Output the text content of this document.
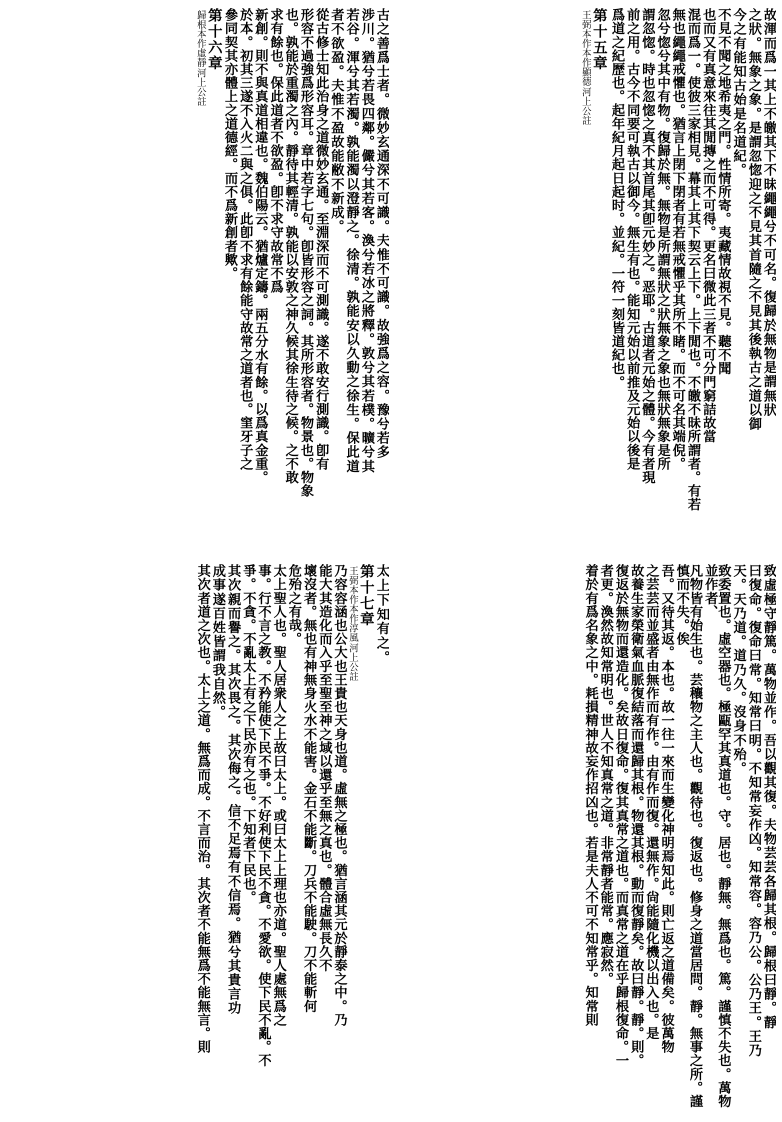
古之善爲士者。微妙玄通深不可識。夫惟不可識。故強爲之容。豫兮若多
涉川。猶兮若畏四鄰。儼兮其若客。渙兮若冰之將釋。敦兮其若樸。曠兮其
若谷。渾兮其若濁。孰能濁以澄靜之。徐清。孰能安以久動之徐生。保此道
者不欲盈。夫惟不盈故能敝不新成。
從古修士知此治身之道微妙玄通。至淵深而不可測識。遂不敢安行測識。卽有
形容不過強爲形容耳。章中若字七句。卽皆形容之詞。其所形容者。物景也。物象
也。孰能於重濁之內。靜待其輕清。孰能以安敦之神久候其徐生待之候。之不敢
求有餘也。保此道者不欲盈。卽不求守故常不爲
新創。則不與真道相違也。魏伯陽云。猶爐定鑄。兩五分水有餘。以爲真金重。
於本。初其三遂不入火二與之俱。此卽不求有餘能守故常之道者也。窐牙子之
參同契其亦體上之道德經。而不爲新創者歟。
第十六章
河上公註
本作虛靜
歸根	故渾而爲一其上不皦其下不昧繩繩兮不可名。復歸於無物是謂無狀
之狀。無象之象。是謂忽惚迎之不見其首隨之不見其後執古之道以御
今之有能知古始是名道紀。
不見不聞之地希夷之門。性情所寄。夷藏情故視不見。聽不聞
也而又有真意來往其閒摶之而不可得。更名曰微此三者不可分門窮詰故當
混而爲一。使彼三家相見。幕其上其下契云上下。上下閒也。不皦不昧所謂者。有若
無也繩繩戒懼也。猶言上閉下閉者有若無戒懼乎其所不睹。而不可名其端倪。
忽兮惚兮其中有物。復歸於無。無物是所謂無狀之狀無象之象也無狀無象是所
謂忽惚。時也忽惚之真不其首尾其卽元妙之。恶耶。古道者元始之體。今有者現
前之用。古今不同要可執古以御今。無生有也。能知元始以前推及元始以後是
爲道之紀歷也。起年紀月起日起时。並紀。一符一刻皆道紀也。
第十五章
河上公註
本作顯德
王弼本作
太上下知有之。
第十七章
河上公註
本作淳風
王弼本作
乃容容涵也公大也王貴也天身也道。虛無之極也。猶言涵其元於靜泰之中。乃
能大其造化而入乎至聖至神之域以還乎至無之真也。體合虛無長久不
壞沒者。無也有神無身火水不能害。金石不能斷。刀兵不能駛。刀不能斬何
危殆之有哉。
太上聖人也。聖人居衆人之上故曰太上。或曰太上上理也亦道。聖人處無爲之
事。行不言之教。不矜能使下民不爭。不好利使下民不貪。不愛欲。使下民不亂。不
爭。不貪。不亂太上有之下民亦有之也。下知者下民也。
其次親而譽之。其次畏之。其次侮之。信不足焉有不信焉。猶兮其貴言功
成事遂百姓皆謂我自然。
其次者道之次也。太上之道。無爲而成。不言而治。其次者不能無爲不能無言。則	致虛極守靜篤。萬物並作。吾以觀其復。夫物芸芸各歸其根。歸根曰靜。靜
曰復命。復命曰常。知常曰明。不知常妄作凶。知常容。容乃公。公乃王。王乃
天。天乃道。道乃久。沒身不殆。
致委置也。虛空器也。極甌罕其真道也。守。居也。靜無。無爲也。篤。謹慎不失也。萬物並作者、
凡物皆有始生也。芸穰物之主人也。觀待也。復返也。修身之道當居問。靜。無事之所。謹慎而不失。俟
吾。又待其返。本也。故一往一來而生變化神明焉知此。則亡返之道備矣。彼萬物
之芸芸而並盛者由無作而有作。由有作而復。還無作。尙能隨化機以出入也。是
故養生家榮衛氣血脈復結落而還歸其根。物還其根。動而復靜矣。故曰靜。靜。則。
復返於無物而還造化。矣故日復命。復其真常之道也。而真常之道在乎歸根復命。一
者更。渙然故知常明也。世人不知真常之道。非常靜者能常。應寂然。
着於有爲名象之中。耗損精神故妄作招凶也。若是夫人不可不知常乎。知常則
